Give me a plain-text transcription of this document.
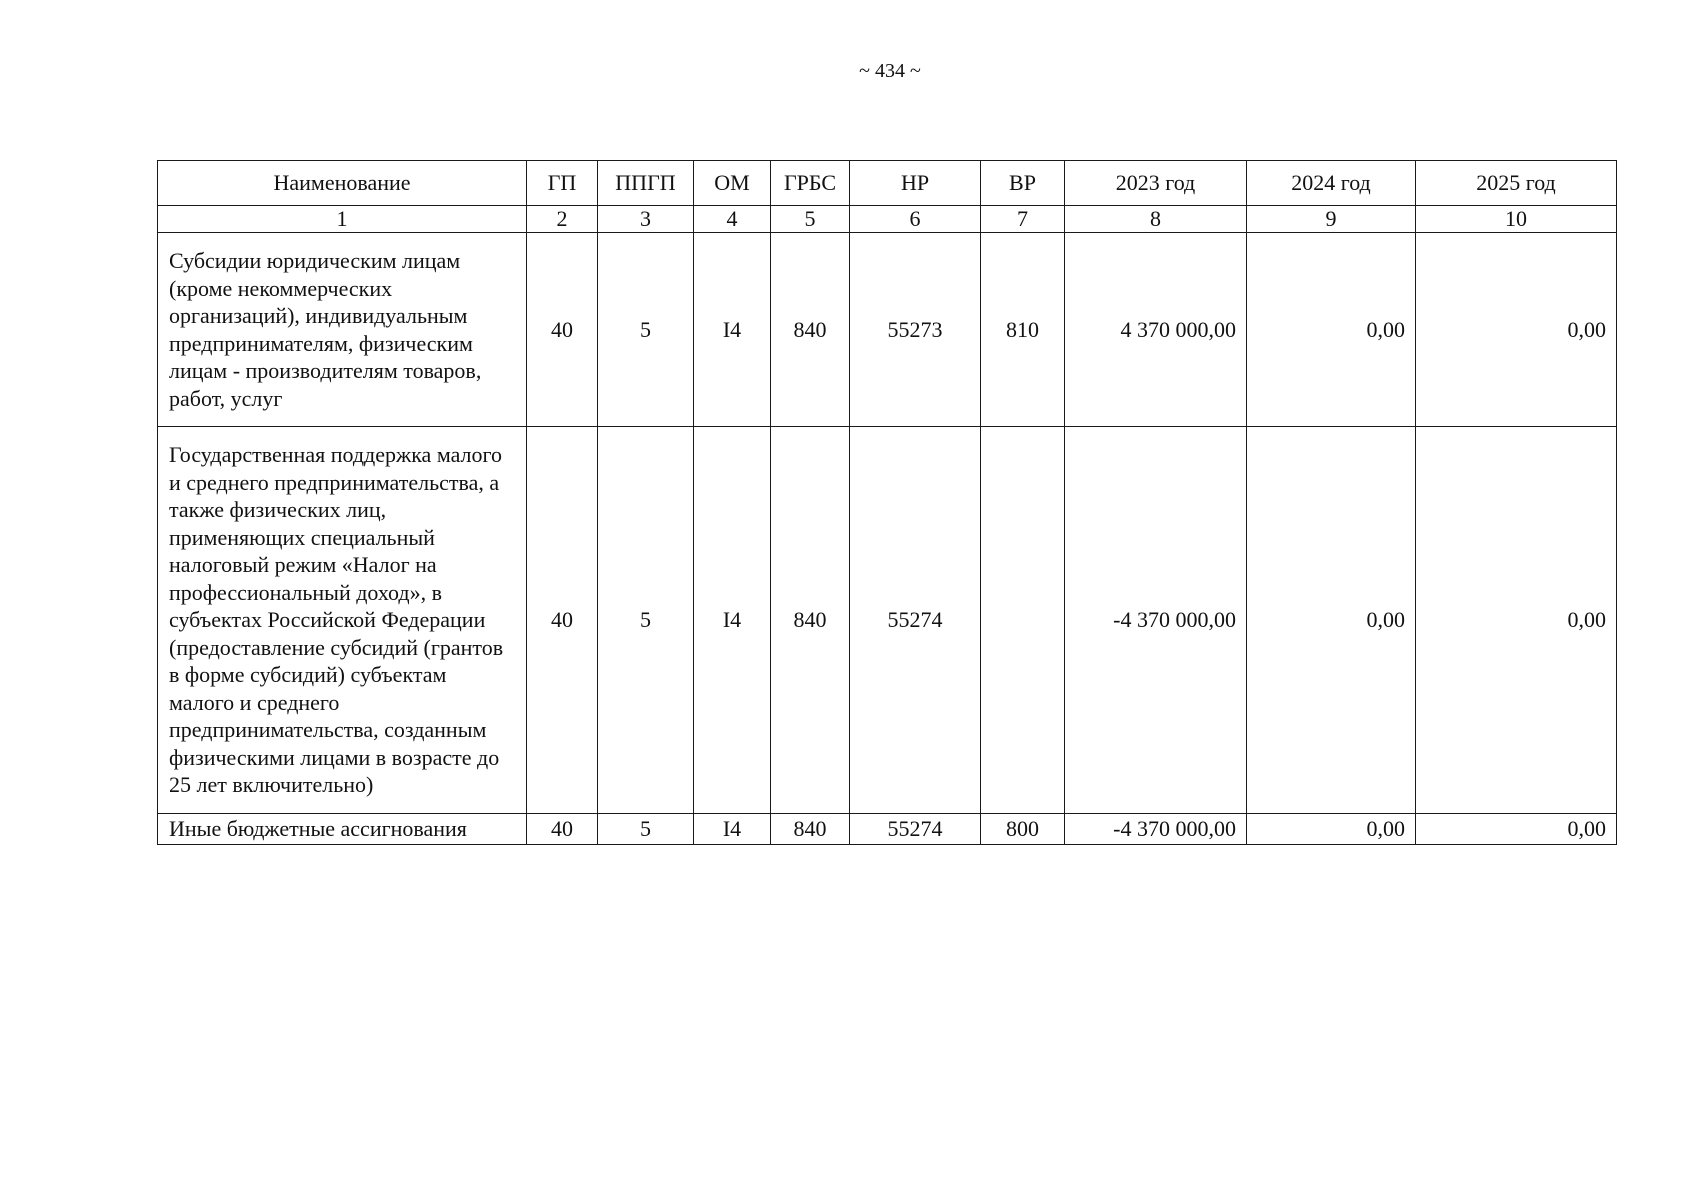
~ 434 ~
Наименование	ГП	ППГП	ОМ	ГРБС	НР	ВР	2023 год	2024 год	2025 год
1	2	3	4	5	6	7	8	9	10
Субсидии юридическим лицам (кроме некоммерческих организаций), индивидуальным предпринимателям, физическим лицам - производителям товаров, работ, услуг	40	5	I4	840	55273	810	4 370 000,00	0,00	0,00
Государственная поддержка малого и среднего предпринимательства, а также физических лиц, применяющих специальный налоговый режим «Налог на профессиональный доход», в субъектах Российской Федерации (предоставление субсидий (грантов в форме субсидий) субъектам малого и среднего предпринимательства, созданным физическими лицами в возрасте до 25 лет включительно)	40	5	I4	840	55274		-4 370 000,00	0,00	0,00
Иные бюджетные ассигнования	40	5	I4	840	55274	800	-4 370 000,00	0,00	0,00
